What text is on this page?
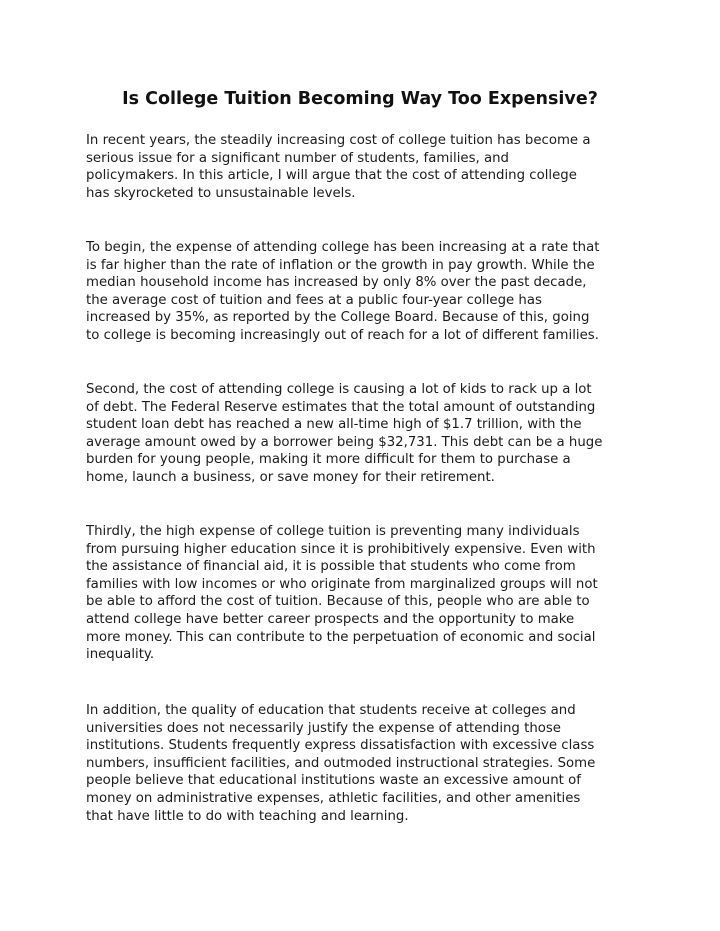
Is College Tuition Becoming Way Too Expensive?

In recent years, the steadily increasing cost of college tuition has become a
serious issue for a significant number of students, families, and
policymakers. In this article, I will argue that the cost of attending college
has skyrocketed to unsustainable levels.

To begin, the expense of attending college has been increasing at a rate that
is far higher than the rate of inflation or the growth in pay growth. While the
median household income has increased by only 8% over the past decade,
the average cost of tuition and fees at a public four-year college has
increased by 35%, as reported by the College Board. Because of this, going
to college is becoming increasingly out of reach for a lot of different families.

Second, the cost of attending college is causing a lot of kids to rack up a lot
of debt. The Federal Reserve estimates that the total amount of outstanding
student loan debt has reached a new all-time high of $1.7 trillion, with the
average amount owed by a borrower being $32,731. This debt can be a huge
burden for young people, making it more difficult for them to purchase a
home, launch a business, or save money for their retirement.

Thirdly, the high expense of college tuition is preventing many individuals
from pursuing higher education since it is prohibitively expensive. Even with
the assistance of financial aid, it is possible that students who come from
families with low incomes or who originate from marginalized groups will not
be able to afford the cost of tuition. Because of this, people who are able to
attend college have better career prospects and the opportunity to make
more money. This can contribute to the perpetuation of economic and social
inequality.

In addition, the quality of education that students receive at colleges and
universities does not necessarily justify the expense of attending those
institutions. Students frequently express dissatisfaction with excessive class
numbers, insufficient facilities, and outmoded instructional strategies. Some
people believe that educational institutions waste an excessive amount of
money on administrative expenses, athletic facilities, and other amenities
that have little to do with teaching and learning.
